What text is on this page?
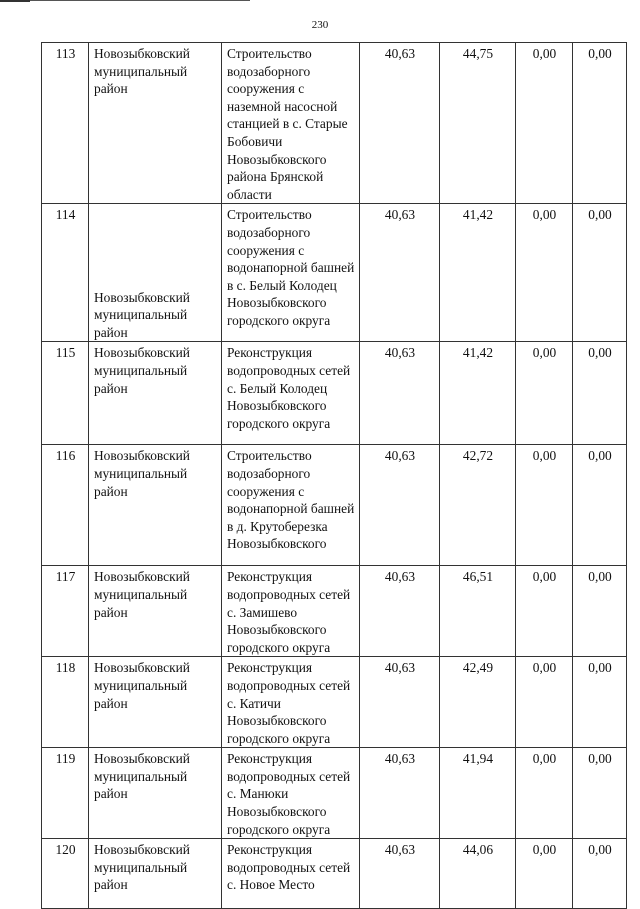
230
113	Новозыбковский муниципальный район	Строительство водозаборного сооружения с наземной насосной станцией в с. Старые Бобовичи Новозыбковского района Брянской области	40,63	44,75	0,00	0,00
114	Новозыбковский муниципальный район	Строительство водозаборного сооружения с водонапорной башней в с. Белый Колодец Новозыбковского городского округа	40,63	41,42	0,00	0,00
115	Новозыбковский муниципальный район	Реконструкция водопроводных сетей с. Белый Колодец Новозыбковского городского округа	40,63	41,42	0,00	0,00
116	Новозыбковский муниципальный район	Строительство водозаборного сооружения с водонапорной башней в д. Крутоберезка Новозыбковского	40,63	42,72	0,00	0,00
117	Новозыбковский муниципальный район	Реконструкция водопроводных сетей с. Замишево Новозыбковского городского округа	40,63	46,51	0,00	0,00
118	Новозыбковский муниципальный район	Реконструкция водопроводных сетей с. Катичи Новозыбковского городского округа	40,63	42,49	0,00	0,00
119	Новозыбковский муниципальный район	Реконструкция водопроводных сетей с. Манюки Новозыбковского городского округа	40,63	41,94	0,00	0,00
120	Новозыбковский муниципальный район	Реконструкция водопроводных сетей с. Новое Место	40,63	44,06	0,00	0,00
